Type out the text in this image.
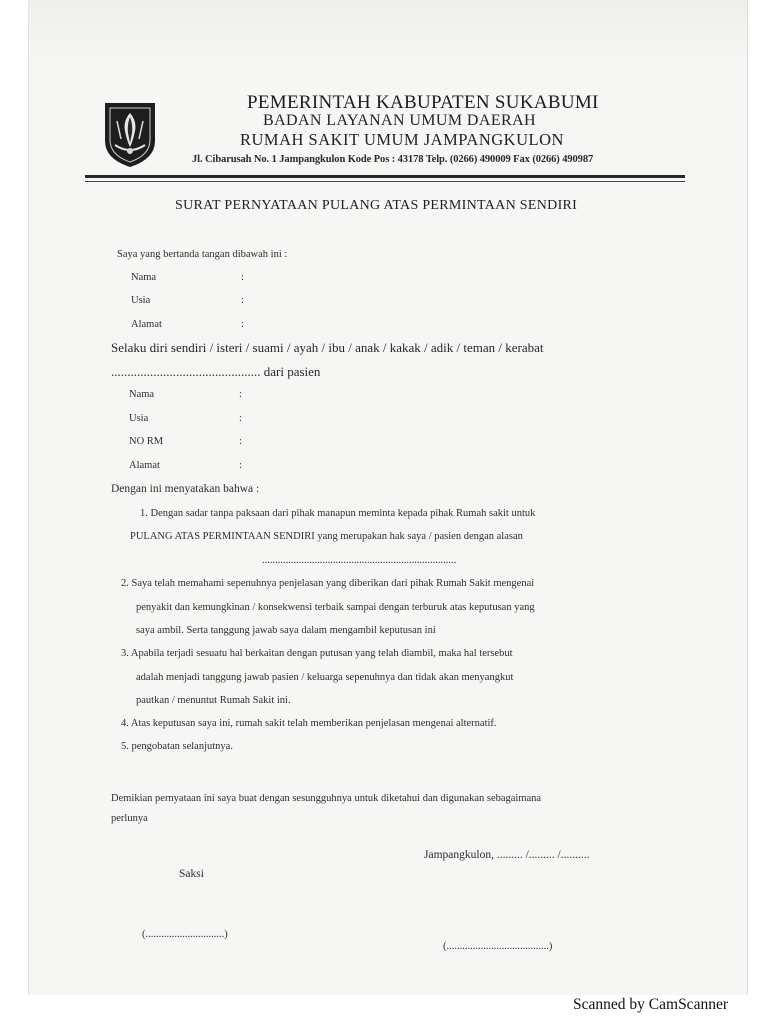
PEMERINTAH KABUPATEN SUKABUMI
BADAN LAYANAN UMUM DAERAH
RUMAH SAKIT UMUM JAMPANGKULON
Jl. Cibarusah No. 1 Jampangkulon Kode Pos : 43178 Telp. (0266) 490009 Fax (0266) 490987
SURAT PERNYATAAN PULANG ATAS PERMINTAAN SENDIRI
Saya yang bertanda tangan dibawah ini :
Nama	:
Usia	:
Alamat	:
Selaku diri sendiri / isteri / suami / ayah / ibu / anak / kakak / adik / teman / kerabat
.............................................. dari pasien
Nama	:
Usia	:
NO RM	:
Alamat	:
Dengan ini menyatakan bahwa :
1. Dengan sadar tanpa paksaan dari pihak manapun meminta kepada pihak Rumah sakit untuk
PULANG ATAS PERMINTAAN SENDIRI yang merupakan hak saya / pasien dengan alasan
..........................................................................
2. Saya telah memahami sepenuhnya penjelasan yang diberikan dari pihak Rumah Sakit mengenai
penyakit dan kemungkinan / konsekwensi terbaik sampai dengan terburuk atas keputusan yang
saya ambil. Serta tanggung jawab saya dalam mengambil keputusan ini
3. Apabila terjadi sesuatu hal berkaitan dengan putusan yang telah diambil, maka hal tersebut
adalah menjadi tanggung jawab pasien / keluarga sepenuhnya dan tidak akan menyangkut
pautkan / menuntut Rumah Sakit ini.
4. Atas keputusan saya ini, rumah sakit telah memberikan penjelasan mengenai alternatif.
5. pengobatan selanjutnya.
Demikian pernyataan ini saya buat dengan sesungguhnya untuk diketahui dan digunakan sebagaimana
perlunya
Jampangkulon, ......... /......... /..........
Saksi
(..............................)
(.......................................)
Scanned by CamScanner
